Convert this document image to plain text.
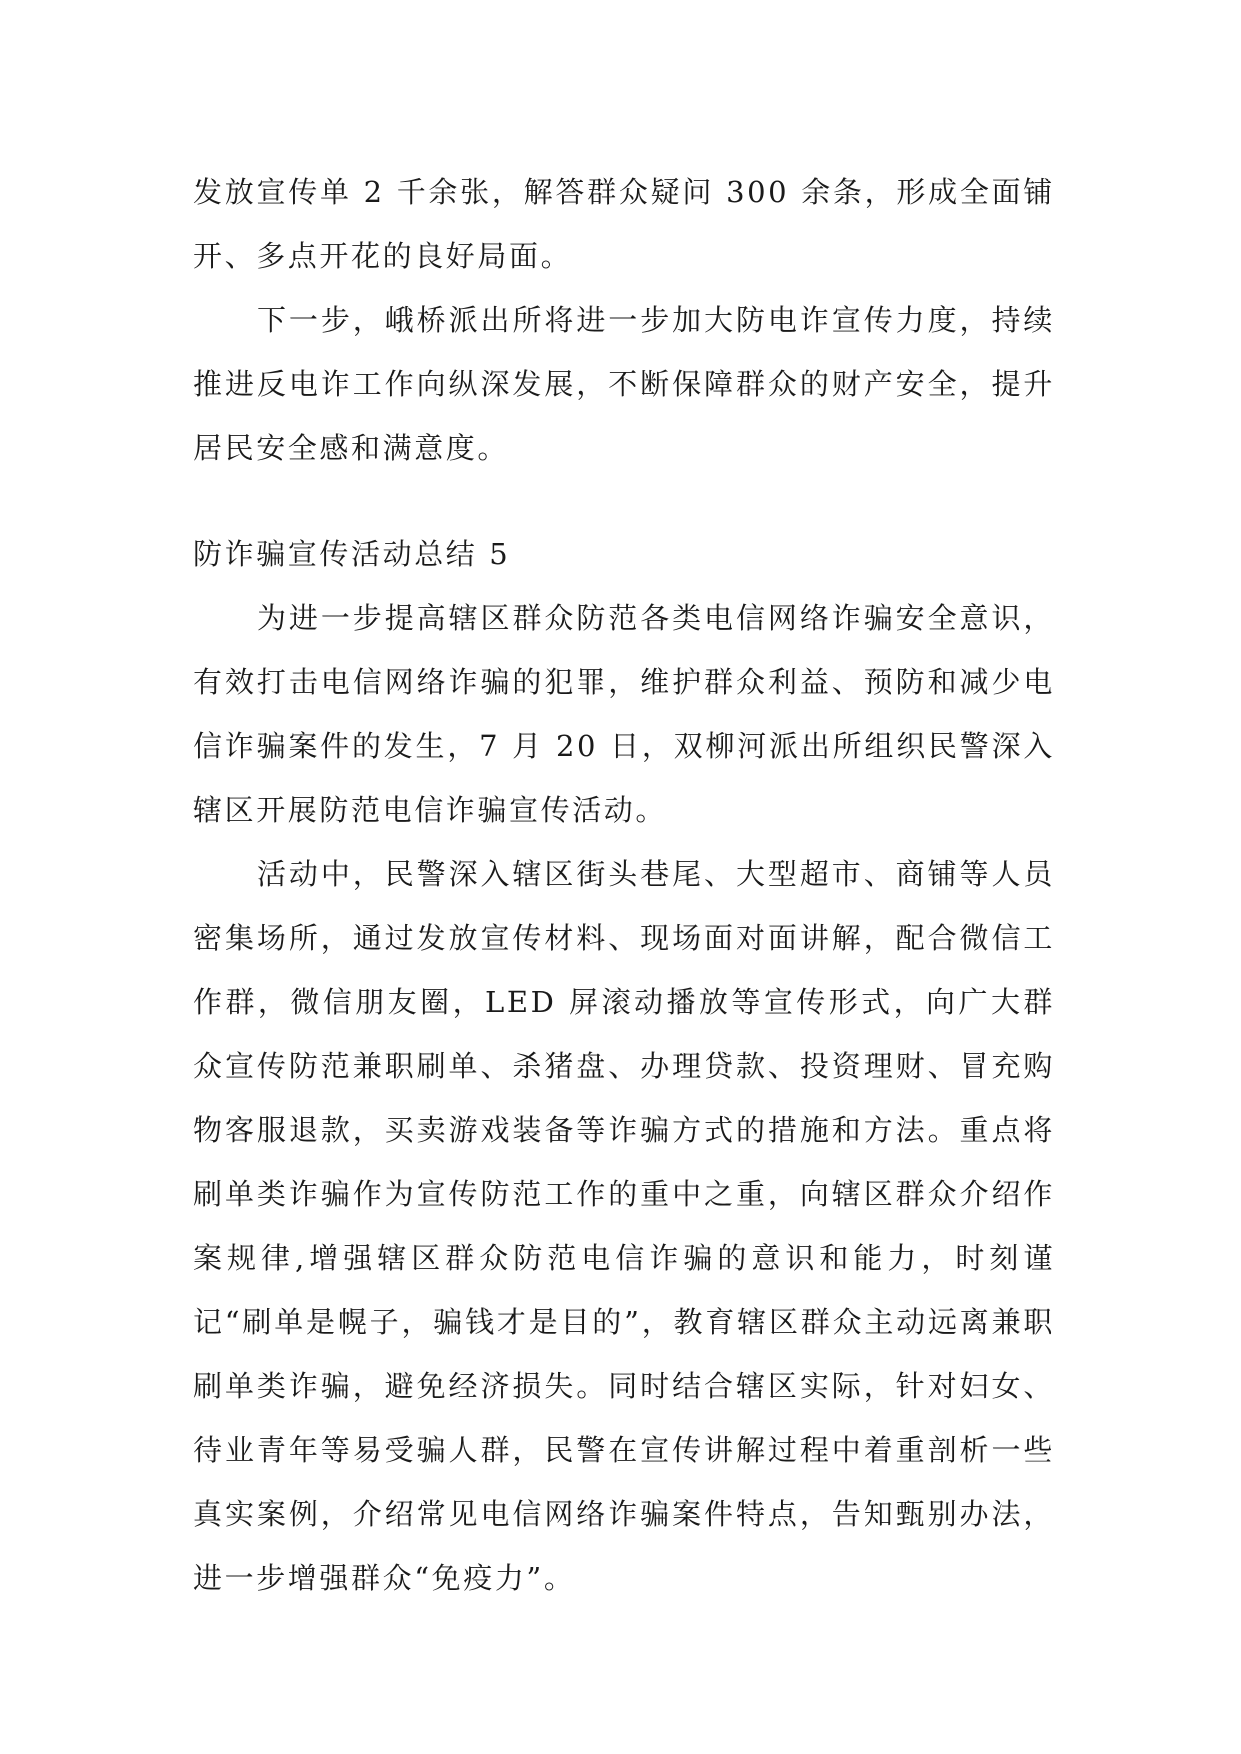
发放宣传单 2 千余张，解答群众疑问 300 余条，形成全面铺开、多点开花的良好局面。

下一步，峨桥派出所将进一步加大防电诈宣传力度，持续推进反电诈工作向纵深发展，不断保障群众的财产安全，提升居民安全感和满意度。

防诈骗宣传活动总结 5

为进一步提高辖区群众防范各类电信网络诈骗安全意识，有效打击电信网络诈骗的犯罪，维护群众利益、预防和减少电信诈骗案件的发生，7 月 20 日，双柳河派出所组织民警深入辖区开展防范电信诈骗宣传活动。

活动中，民警深入辖区街头巷尾、大型超市、商铺等人员密集场所，通过发放宣传材料、现场面对面讲解，配合微信工作群，微信朋友圈，LED 屏滚动播放等宣传形式，向广大群众宣传防范兼职刷单、杀猪盘、办理贷款、投资理财、冒充购物客服退款，买卖游戏装备等诈骗方式的措施和方法。重点将刷单类诈骗作为宣传防范工作的重中之重，向辖区群众介绍作案规律,增强辖区群众防范电信诈骗的意识和能力，时刻谨记“刷单是幌子，骗钱才是目的”，教育辖区群众主动远离兼职刷单类诈骗，避免经济损失。同时结合辖区实际，针对妇女、待业青年等易受骗人群，民警在宣传讲解过程中着重剖析一些真实案例，介绍常见电信网络诈骗案件特点，告知甄别办法，进一步增强群众“免疫力”。
